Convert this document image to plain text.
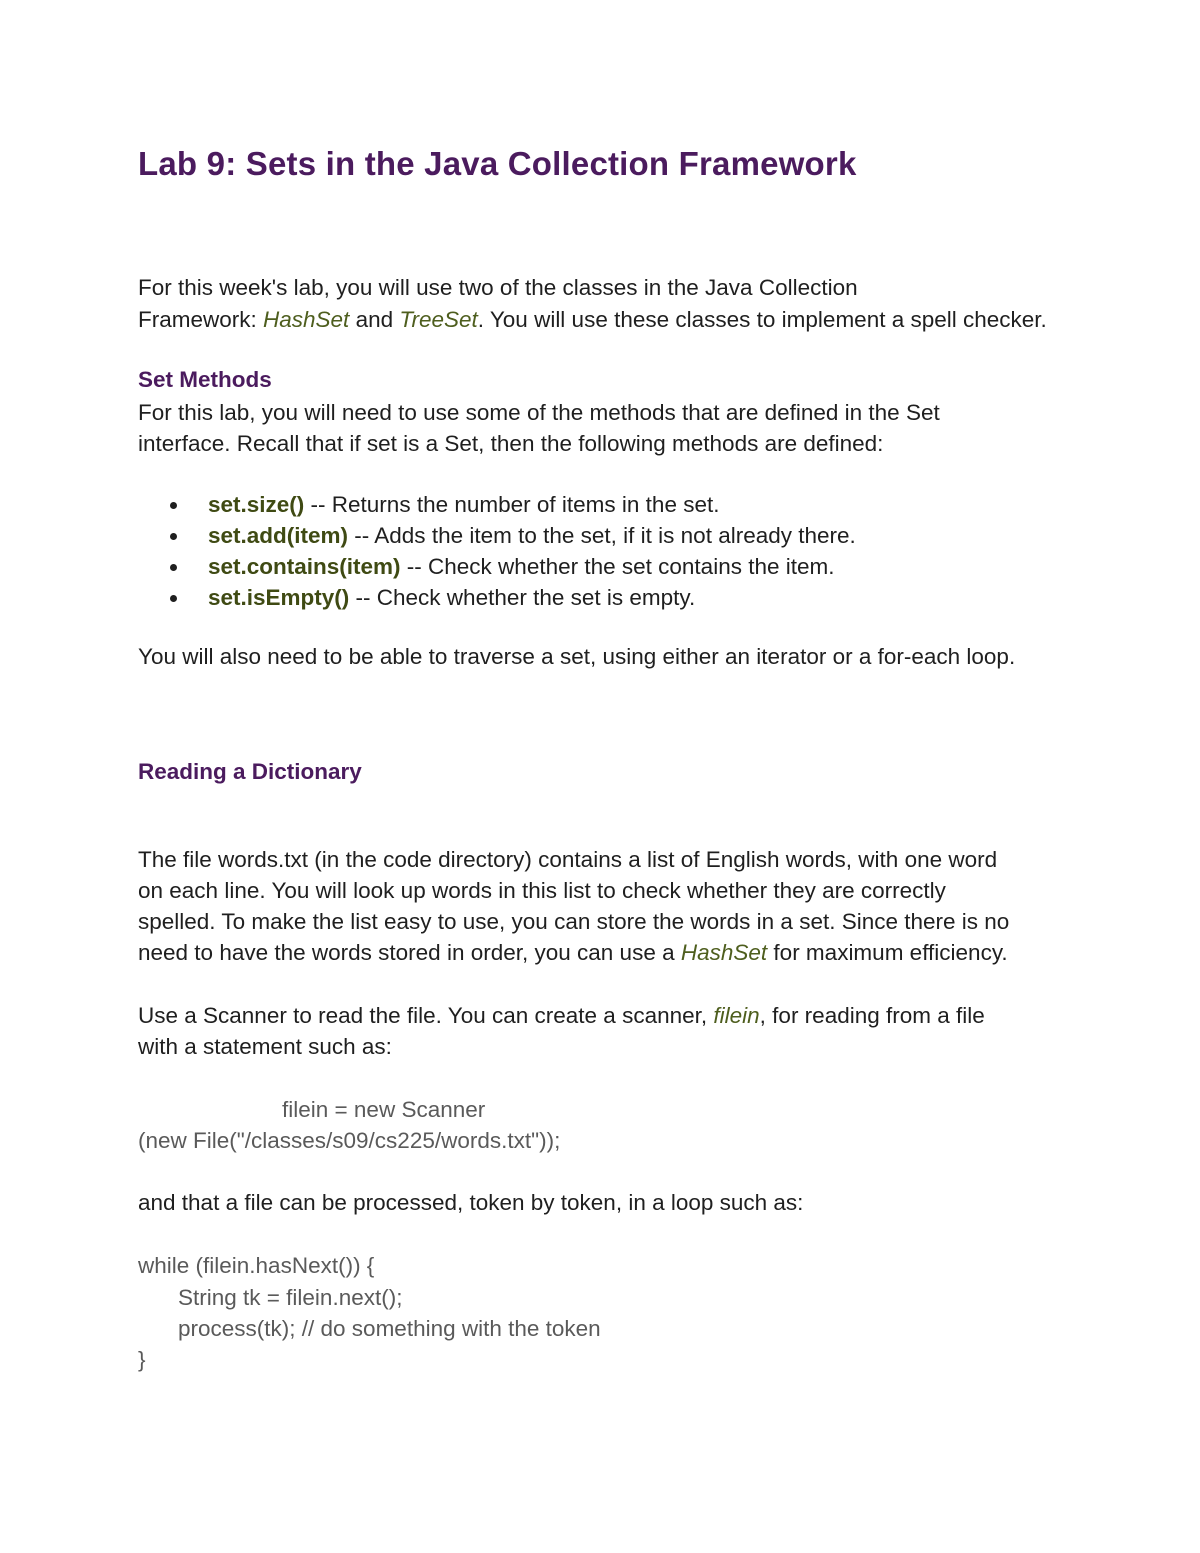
Lab 9: Sets in the Java Collection Framework

For this week's lab, you will use two of the classes in the Java Collection

Framework: HashSet and TreeSet. You will use these classes to implement a spell checker.

Set Methods

For this lab, you will need to use some of the methods that are defined in the Set

interface. Recall that if set is a Set, then the following methods are defined:

set.size() -- Returns the number of items in the set.
set.add(item) -- Adds the item to the set, if it is not already there.
set.contains(item) -- Check whether the set contains the item.
set.isEmpty() -- Check whether the set is empty.

You will also need to be able to traverse a set, using either an iterator or a for-each loop.

Reading a Dictionary

The file words.txt (in the code directory) contains a list of English words, with one word

on each line. You will look up words in this list to check whether they are correctly

spelled. To make the list easy to use, you can store the words in a set. Since there is no

need to have the words stored in order, you can use a HashSet for maximum efficiency.

Use a Scanner to read the file. You can create a scanner, filein, for reading from a file

with a statement such as:

filein = new Scanner

(new File("/classes/s09/cs225/words.txt"));

and that a file can be processed, token by token, in a loop such as:

while (filein.hasNext()) {

String tk = filein.next();

process(tk); // do something with the token

}
